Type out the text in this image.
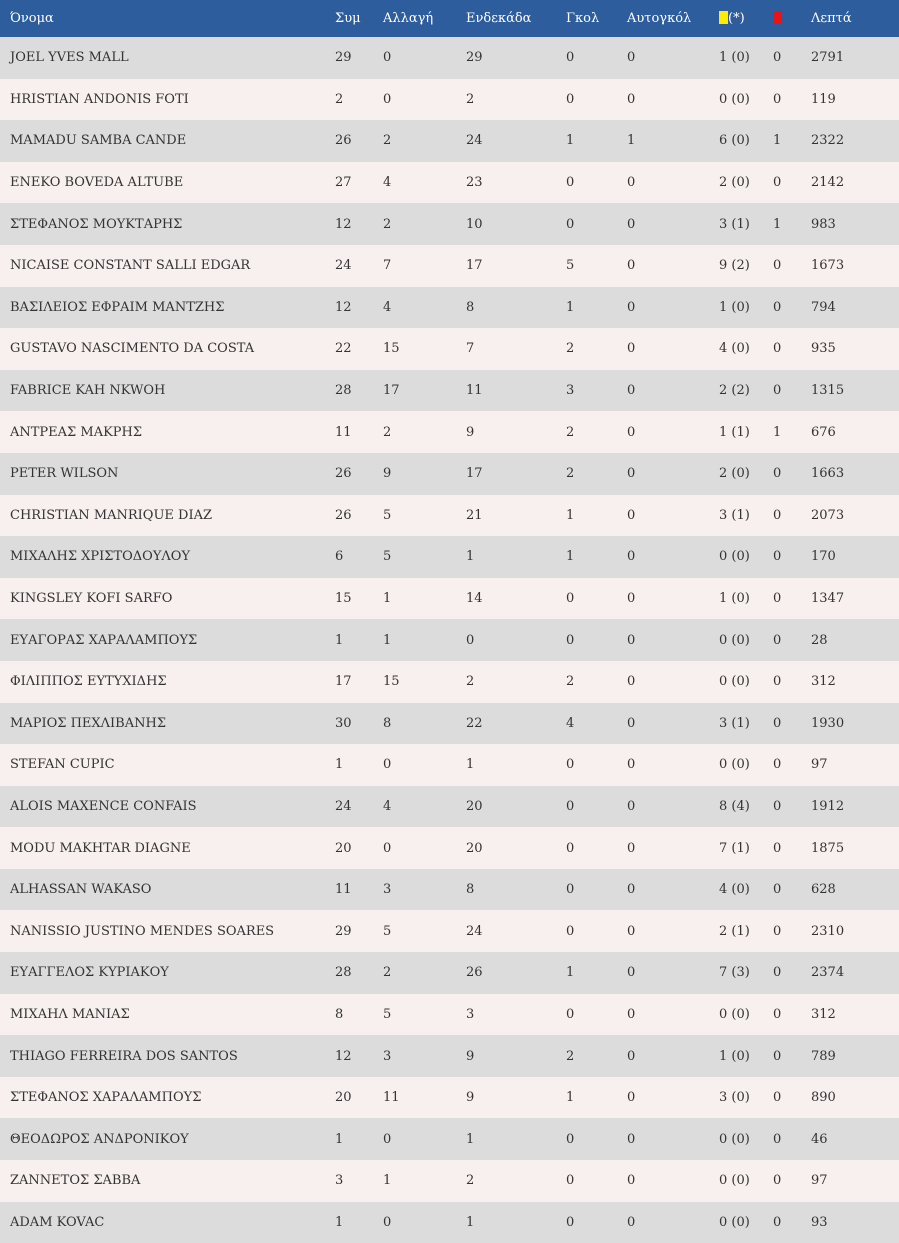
Όνομα	Συμ	Αλλαγή	Ενδεκάδα	Γκολ	Αυτογκόλ	(*)		Λεπτά
JOEL YVES MALL	29	0	29	0	0	1 (0)	0	2791
HRISTIAN ANDONIS FOTI	2	0	2	0	0	0 (0)	0	119
MAMADU SAMBA CANDE	26	2	24	1	1	6 (0)	1	2322
ENEKO BOVEDA ALTUBE	27	4	23	0	0	2 (0)	0	2142
ΣΤΕΦΑΝΟΣ ΜΟΥΚΤΑΡΗΣ	12	2	10	0	0	3 (1)	1	983
NICAISE CONSTANT SALLI EDGAR	24	7	17	5	0	9 (2)	0	1673
ΒΑΣΙΛΕΙΟΣ ΕΦΡΑΙΜ ΜΑΝΤΖΗΣ	12	4	8	1	0	1 (0)	0	794
GUSTAVO NASCIMENTO DA COSTA	22	15	7	2	0	4 (0)	0	935
FABRICE KAH NKWOH	28	17	11	3	0	2 (2)	0	1315
ΑΝΤΡΕΑΣ ΜΑΚΡΗΣ	11	2	9	2	0	1 (1)	1	676
PETER WILSON	26	9	17	2	0	2 (0)	0	1663
CHRISTIAN MANRIQUE DIAZ	26	5	21	1	0	3 (1)	0	2073
ΜΙΧΑΛΗΣ ΧΡΙΣΤΟΔΟΥΛΟΥ	6	5	1	1	0	0 (0)	0	170
KINGSLEY KOFI SARFO	15	1	14	0	0	1 (0)	0	1347
ΕΥΑΓΟΡΑΣ ΧΑΡΑΛΑΜΠΟΥΣ	1	1	0	0	0	0 (0)	0	28
ΦΙΛΙΠΠΟΣ ΕΥΤΥΧΙΔΗΣ	17	15	2	2	0	0 (0)	0	312
ΜΑΡΙΟΣ ΠΕΧΛΙΒΑΝΗΣ	30	8	22	4	0	3 (1)	0	1930
STEFAN CUPIC	1	0	1	0	0	0 (0)	0	97
ALOIS MAXENCE CONFAIS	24	4	20	0	0	8 (4)	0	1912
MODU MAKHTAR DIAGNE	20	0	20	0	0	7 (1)	0	1875
ALHASSAN WAKASO	11	3	8	0	0	4 (0)	0	628
NANISSIO JUSTINO MENDES SOARES	29	5	24	0	0	2 (1)	0	2310
ΕΥΑΓΓΕΛΟΣ ΚΥΡΙΑΚΟΥ	28	2	26	1	0	7 (3)	0	2374
ΜΙΧΑΗΛ ΜΑΝΙΑΣ	8	5	3	0	0	0 (0)	0	312
THIAGO FERREIRA DOS SANTOS	12	3	9	2	0	1 (0)	0	789
ΣΤΕΦΑΝΟΣ ΧΑΡΑΛΑΜΠΟΥΣ	20	11	9	1	0	3 (0)	0	890
ΘΕΟΔΩΡΟΣ ΑΝΔΡΟΝΙΚΟΥ	1	0	1	0	0	0 (0)	0	46
ΖΑΝΝΕΤΟΣ ΣΑΒΒΑ	3	1	2	0	0	0 (0)	0	97
ADAM KOVAC	1	0	1	0	0	0 (0)	0	93
